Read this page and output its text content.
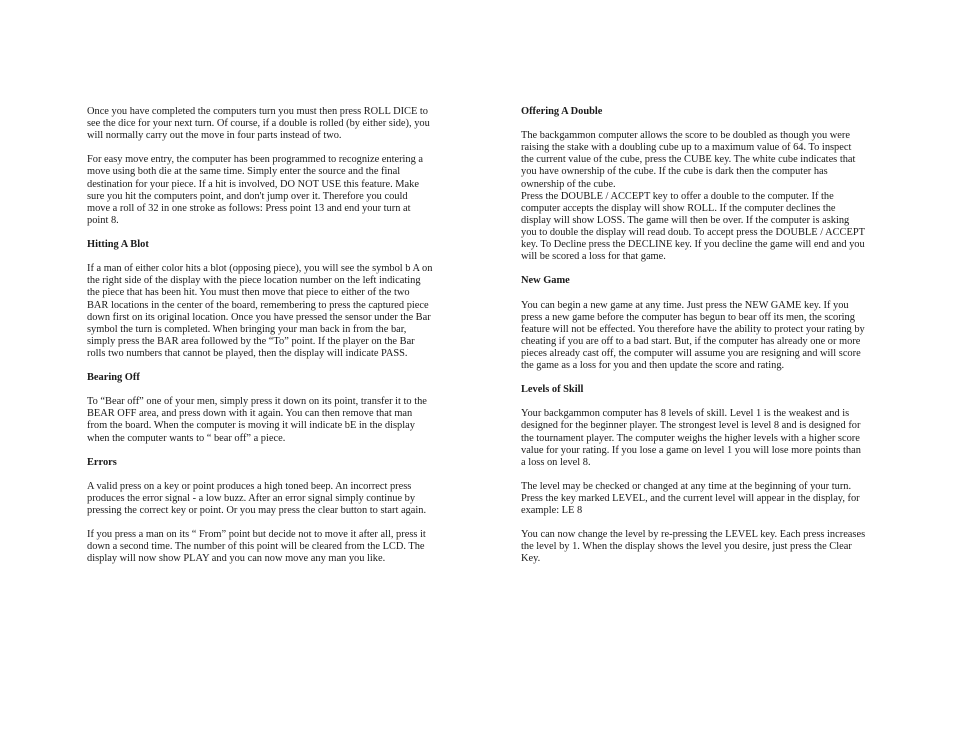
Once you have completed the computers turn you must then press ROLL DICE to see the dice for your next turn. Of course, if a double is rolled (by either side), you will normally carry out the move in four parts instead of two.

For easy move entry, the computer has been programmed to recognize entering a move using both die at the same time. Simply enter the source and the final destination for your piece. If a hit is involved, DO NOT USE this feature. Make sure you hit the computers point, and don't jump over it. Therefore you could move a roll of 32 in one stroke as follows: Press point 13 and end your turn at point 8.

Hitting A Blot

If a man of either color hits a blot (opposing piece), you will see the symbol b A on the right side of the display with the piece location number on the left indicating the piece that has been hit. You must then move that piece to either of the two BAR locations in the center of the board, remembering to press the captured piece down first on its original location. Once you have pressed the sensor under the Bar symbol the turn is completed. When bringing your man back in from the bar, simply press the BAR area followed by the “To” point. If the player on the Bar rolls two numbers that cannot be played, then the display will indicate PASS.

Bearing Off

To “Bear off” one of your men, simply press it down on its point, transfer it to the BEAR OFF area, and press down with it again. You can then remove that man from the board. When the computer is moving it will indicate bE in the display when the computer wants to “ bear off” a piece.

Errors

A valid press on a key or point produces a high toned beep. An incorrect press produces the error signal - a low buzz. After an error signal simply continue by pressing the correct key or point. Or you may press the clear button to start again.

If you press a man on its “ From” point but decide not to move it after all, press it down a second time. The number of this point will be cleared from the LCD. The display will now show PLAY and you can now move any man you like.

Offering A Double

The backgammon computer allows the score to be doubled as though you were raising the stake with a doubling cube up to a maximum value of 64. To inspect the current value of the cube, press the CUBE key. The white cube indicates that you have ownership of the cube. If the cube is dark then the computer has ownership of the cube.

Press the DOUBLE / ACCEPT key to offer a double to the computer. If the computer accepts the display will show ROLL. If the computer declines the display will show LOSS. The game will then be over. If the computer is asking you to double the display will read doub. To accept press the DOUBLE / ACCEPT key. To Decline press the DECLINE key. If you decline the game will end and you will be scored a loss for that game.

New Game

You can begin a new game at any time. Just press the NEW GAME key. If you press a new game before the computer has begun to bear off its men, the scoring feature will not be effected. You therefore have the ability to protect your rating by cheating if you are off to a bad start. But, if the computer has already one or more pieces already cast off, the computer will assume you are resigning and will score the game as a loss for you and then update the score and rating.

Levels of Skill

Your backgammon computer has 8 levels of skill. Level 1 is the weakest and is designed for the beginner player. The strongest level is level 8 and is designed for the tournament player. The computer weighs the higher levels with a higher score value for your rating. If you lose a game on level 1 you will lose more points than a loss on level 8.

The level may be checked or changed at any time at the beginning of your turn. Press the key marked LEVEL, and the current level will appear in the display, for example: LE 8

You can now change the level by re-pressing the LEVEL key. Each press increases the level by 1. When the display shows the level you desire, just press the Clear Key.
